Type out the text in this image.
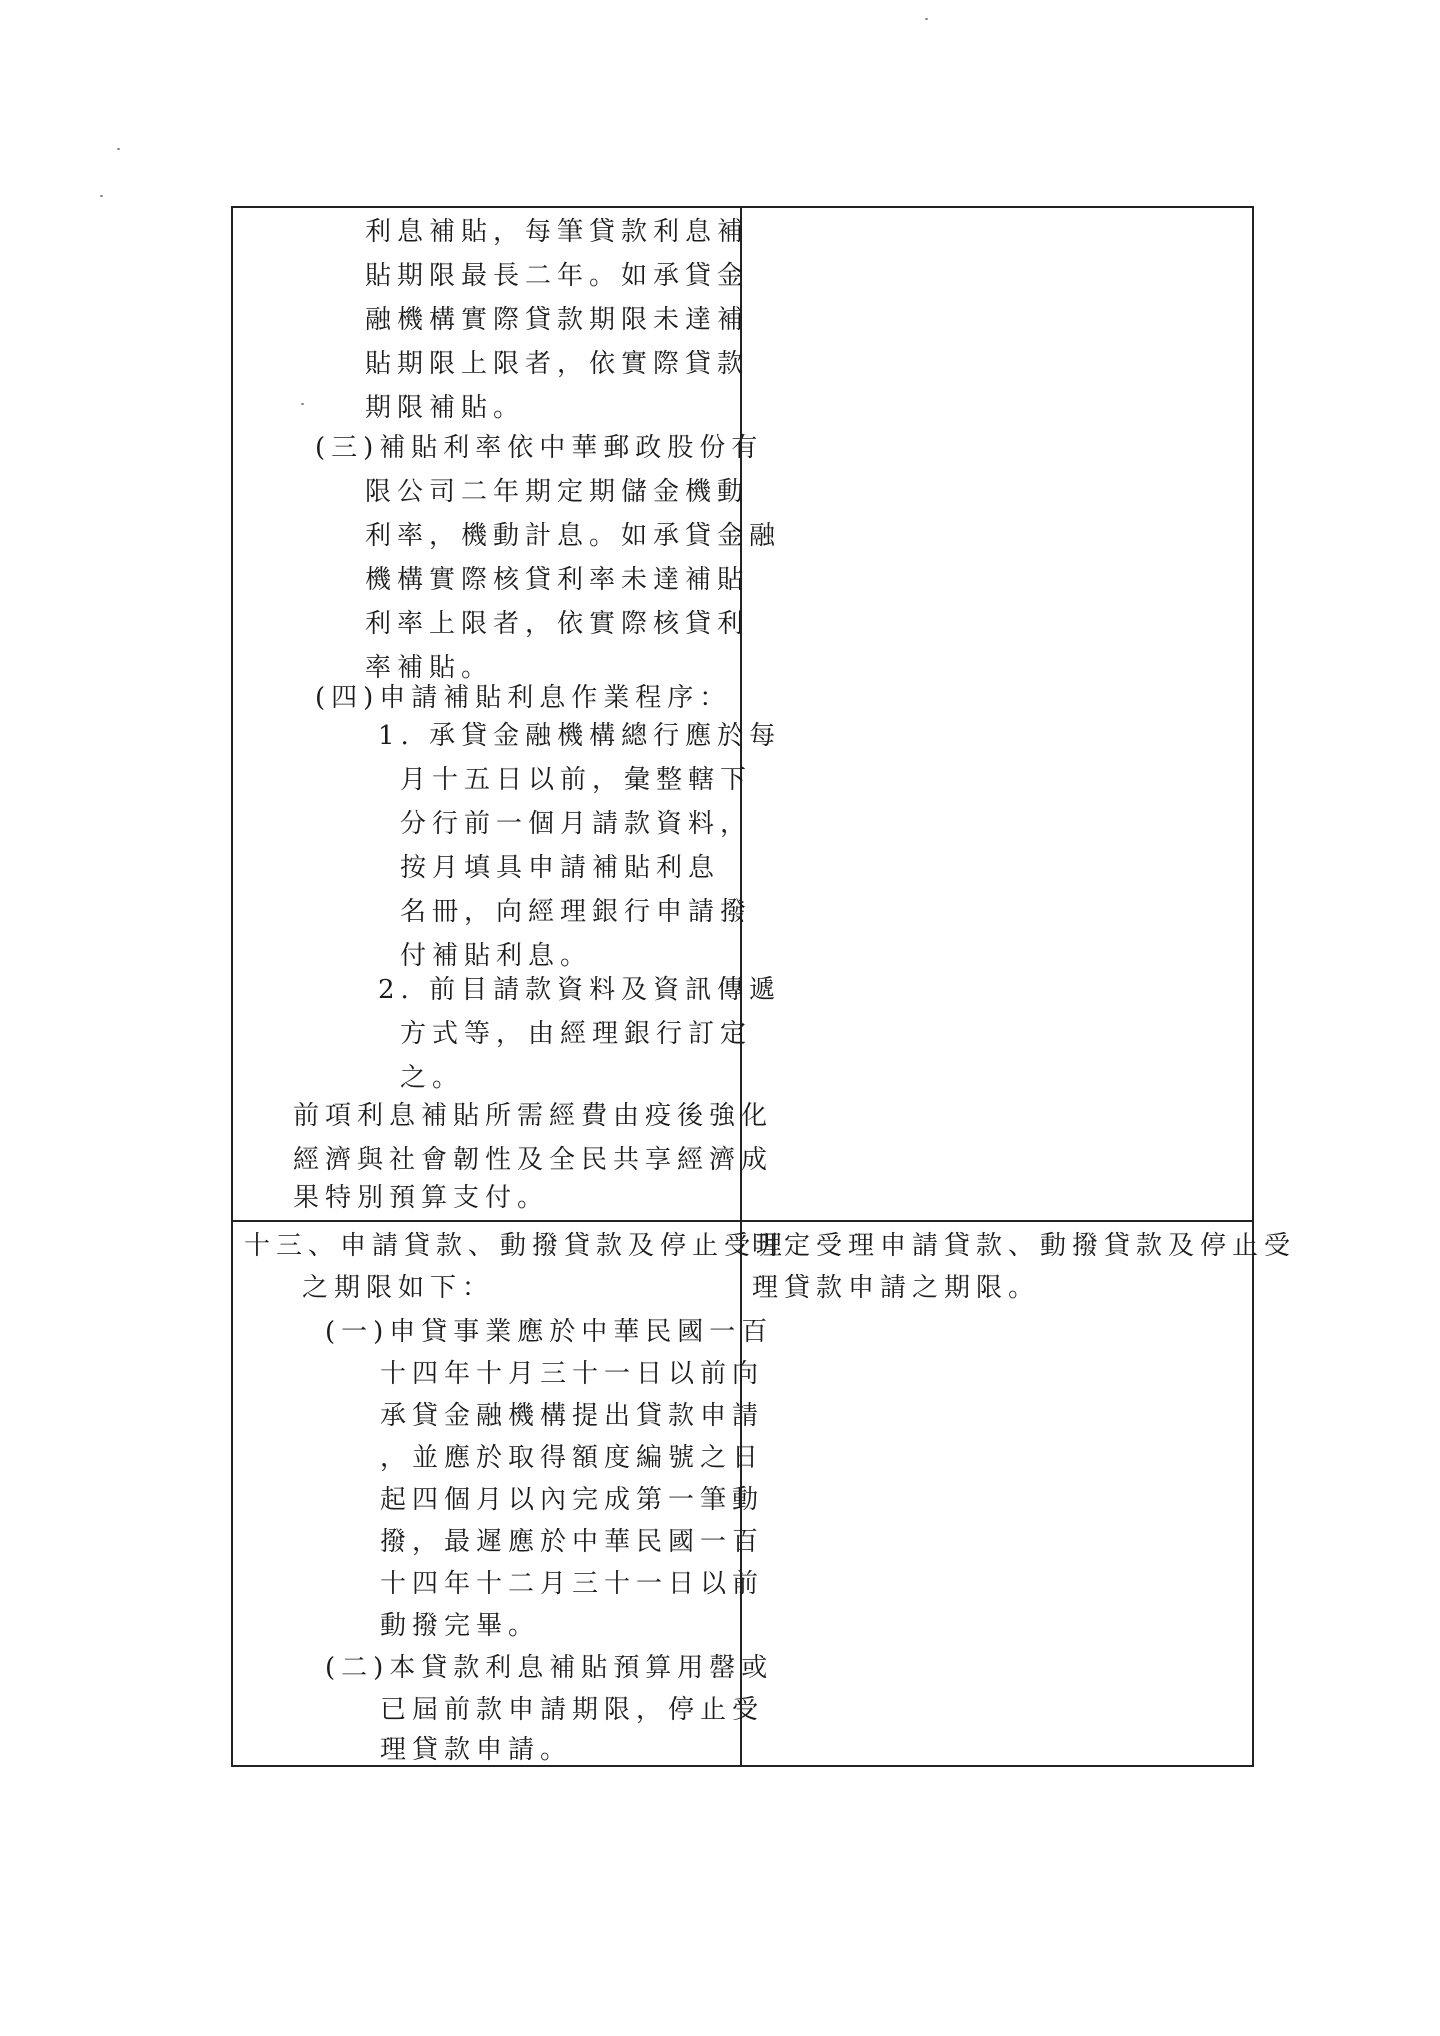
利息補貼，每筆貸款利息補
貼期限最長二年。如承貸金
融機構實際貸款期限未達補
貼期限上限者，依實際貸款
期限補貼。
(三)補貼利率依中華郵政股份有
限公司二年期定期儲金機動
利率，機動計息。如承貸金融
機構實際核貸利率未達補貼
利率上限者，依實際核貸利
率補貼。
(四)申請補貼利息作業程序：
1. 承貸金融機構總行應於每
月十五日以前，彙整轄下
分行前一個月請款資料，
按月填具申請補貼利息
名冊，向經理銀行申請撥
付補貼利息。
2. 前目請款資料及資訊傳遞
方式等，由經理銀行訂定
之。
前項利息補貼所需經費由疫後強化
經濟與社會韌性及全民共享經濟成
果特別預算支付。
十三、申請貸款、動撥貸款及停止受理
之期限如下：
(一)申貸事業應於中華民國一百
十四年十月三十一日以前向
承貸金融機構提出貸款申請
，並應於取得額度編號之日
起四個月以內完成第一筆動
撥，最遲應於中華民國一百
十四年十二月三十一日以前
動撥完畢。
(二)本貸款利息補貼預算用罄或
已屆前款申請期限，停止受
理貸款申請。
明定受理申請貸款、動撥貸款及停止受
理貸款申請之期限。
